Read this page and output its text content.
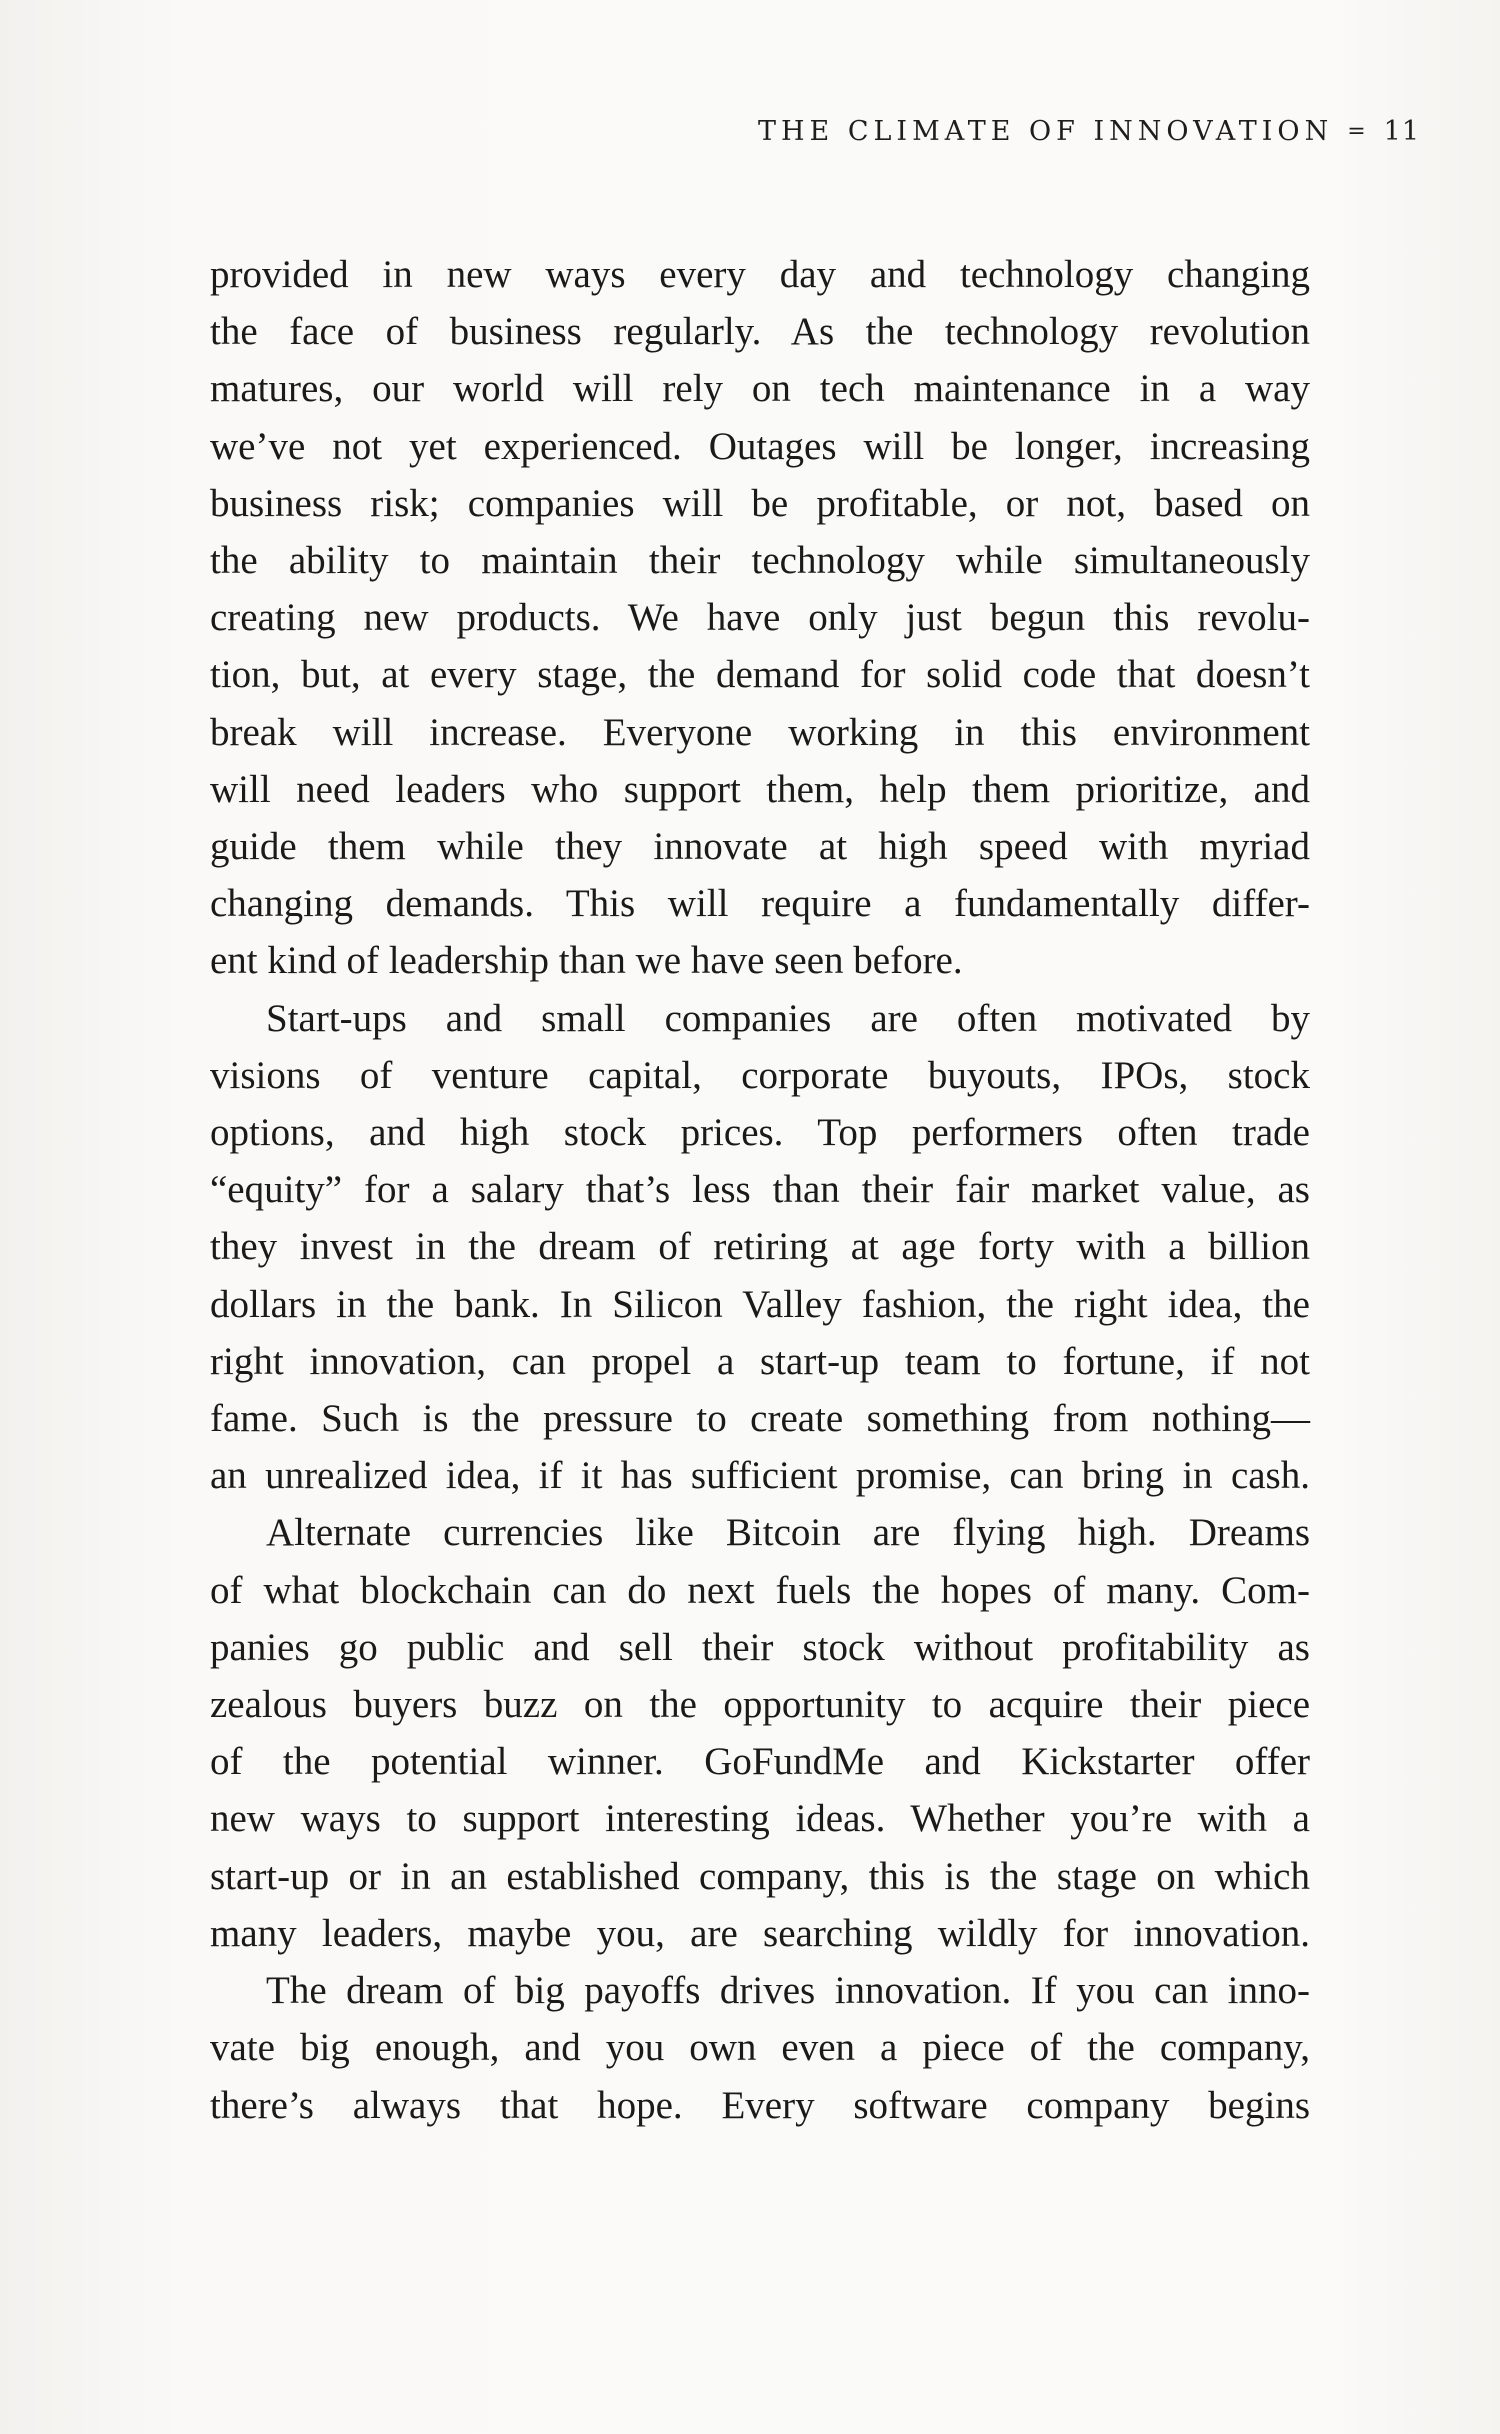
THE CLIMATE OF INNOVATION = 11

provided in new ways every day and technology changing
the face of business regularly. As the technology revolution
matures, our world will rely on tech maintenance in a way
we’ve not yet experienced. Outages will be longer, increasing
business risk; companies will be profitable, or not, based on
the ability to maintain their technology while simultaneously
creating new products. We have only just begun this revolu-
tion, but, at every stage, the demand for solid code that doesn’t
break will increase. Everyone working in this environment
will need leaders who support them, help them prioritize, and
guide them while they innovate at high speed with myriad
changing demands. This will require a fundamentally differ-
ent kind of leadership than we have seen before.

Start-ups and small companies are often motivated by
visions of venture capital, corporate buyouts, IPOs, stock
options, and high stock prices. Top performers often trade
“equity” for a salary that’s less than their fair market value, as
they invest in the dream of retiring at age forty with a billion
dollars in the bank. In Silicon Valley fashion, the right idea, the
right innovation, can propel a start-up team to fortune, if not
fame. Such is the pressure to create something from nothing—
an unrealized idea, if it has sufficient promise, can bring in cash.

Alternate currencies like Bitcoin are flying high. Dreams
of what blockchain can do next fuels the hopes of many. Com-
panies go public and sell their stock without profitability as
zealous buyers buzz on the opportunity to acquire their piece
of the potential winner. GoFundMe and Kickstarter offer
new ways to support interesting ideas. Whether you’re with a
start-up or in an established company, this is the stage on which
many leaders, maybe you, are searching wildly for innovation.

The dream of big payoffs drives innovation. If you can inno-
vate big enough, and you own even a piece of the company,
there’s always that hope. Every software company begins
